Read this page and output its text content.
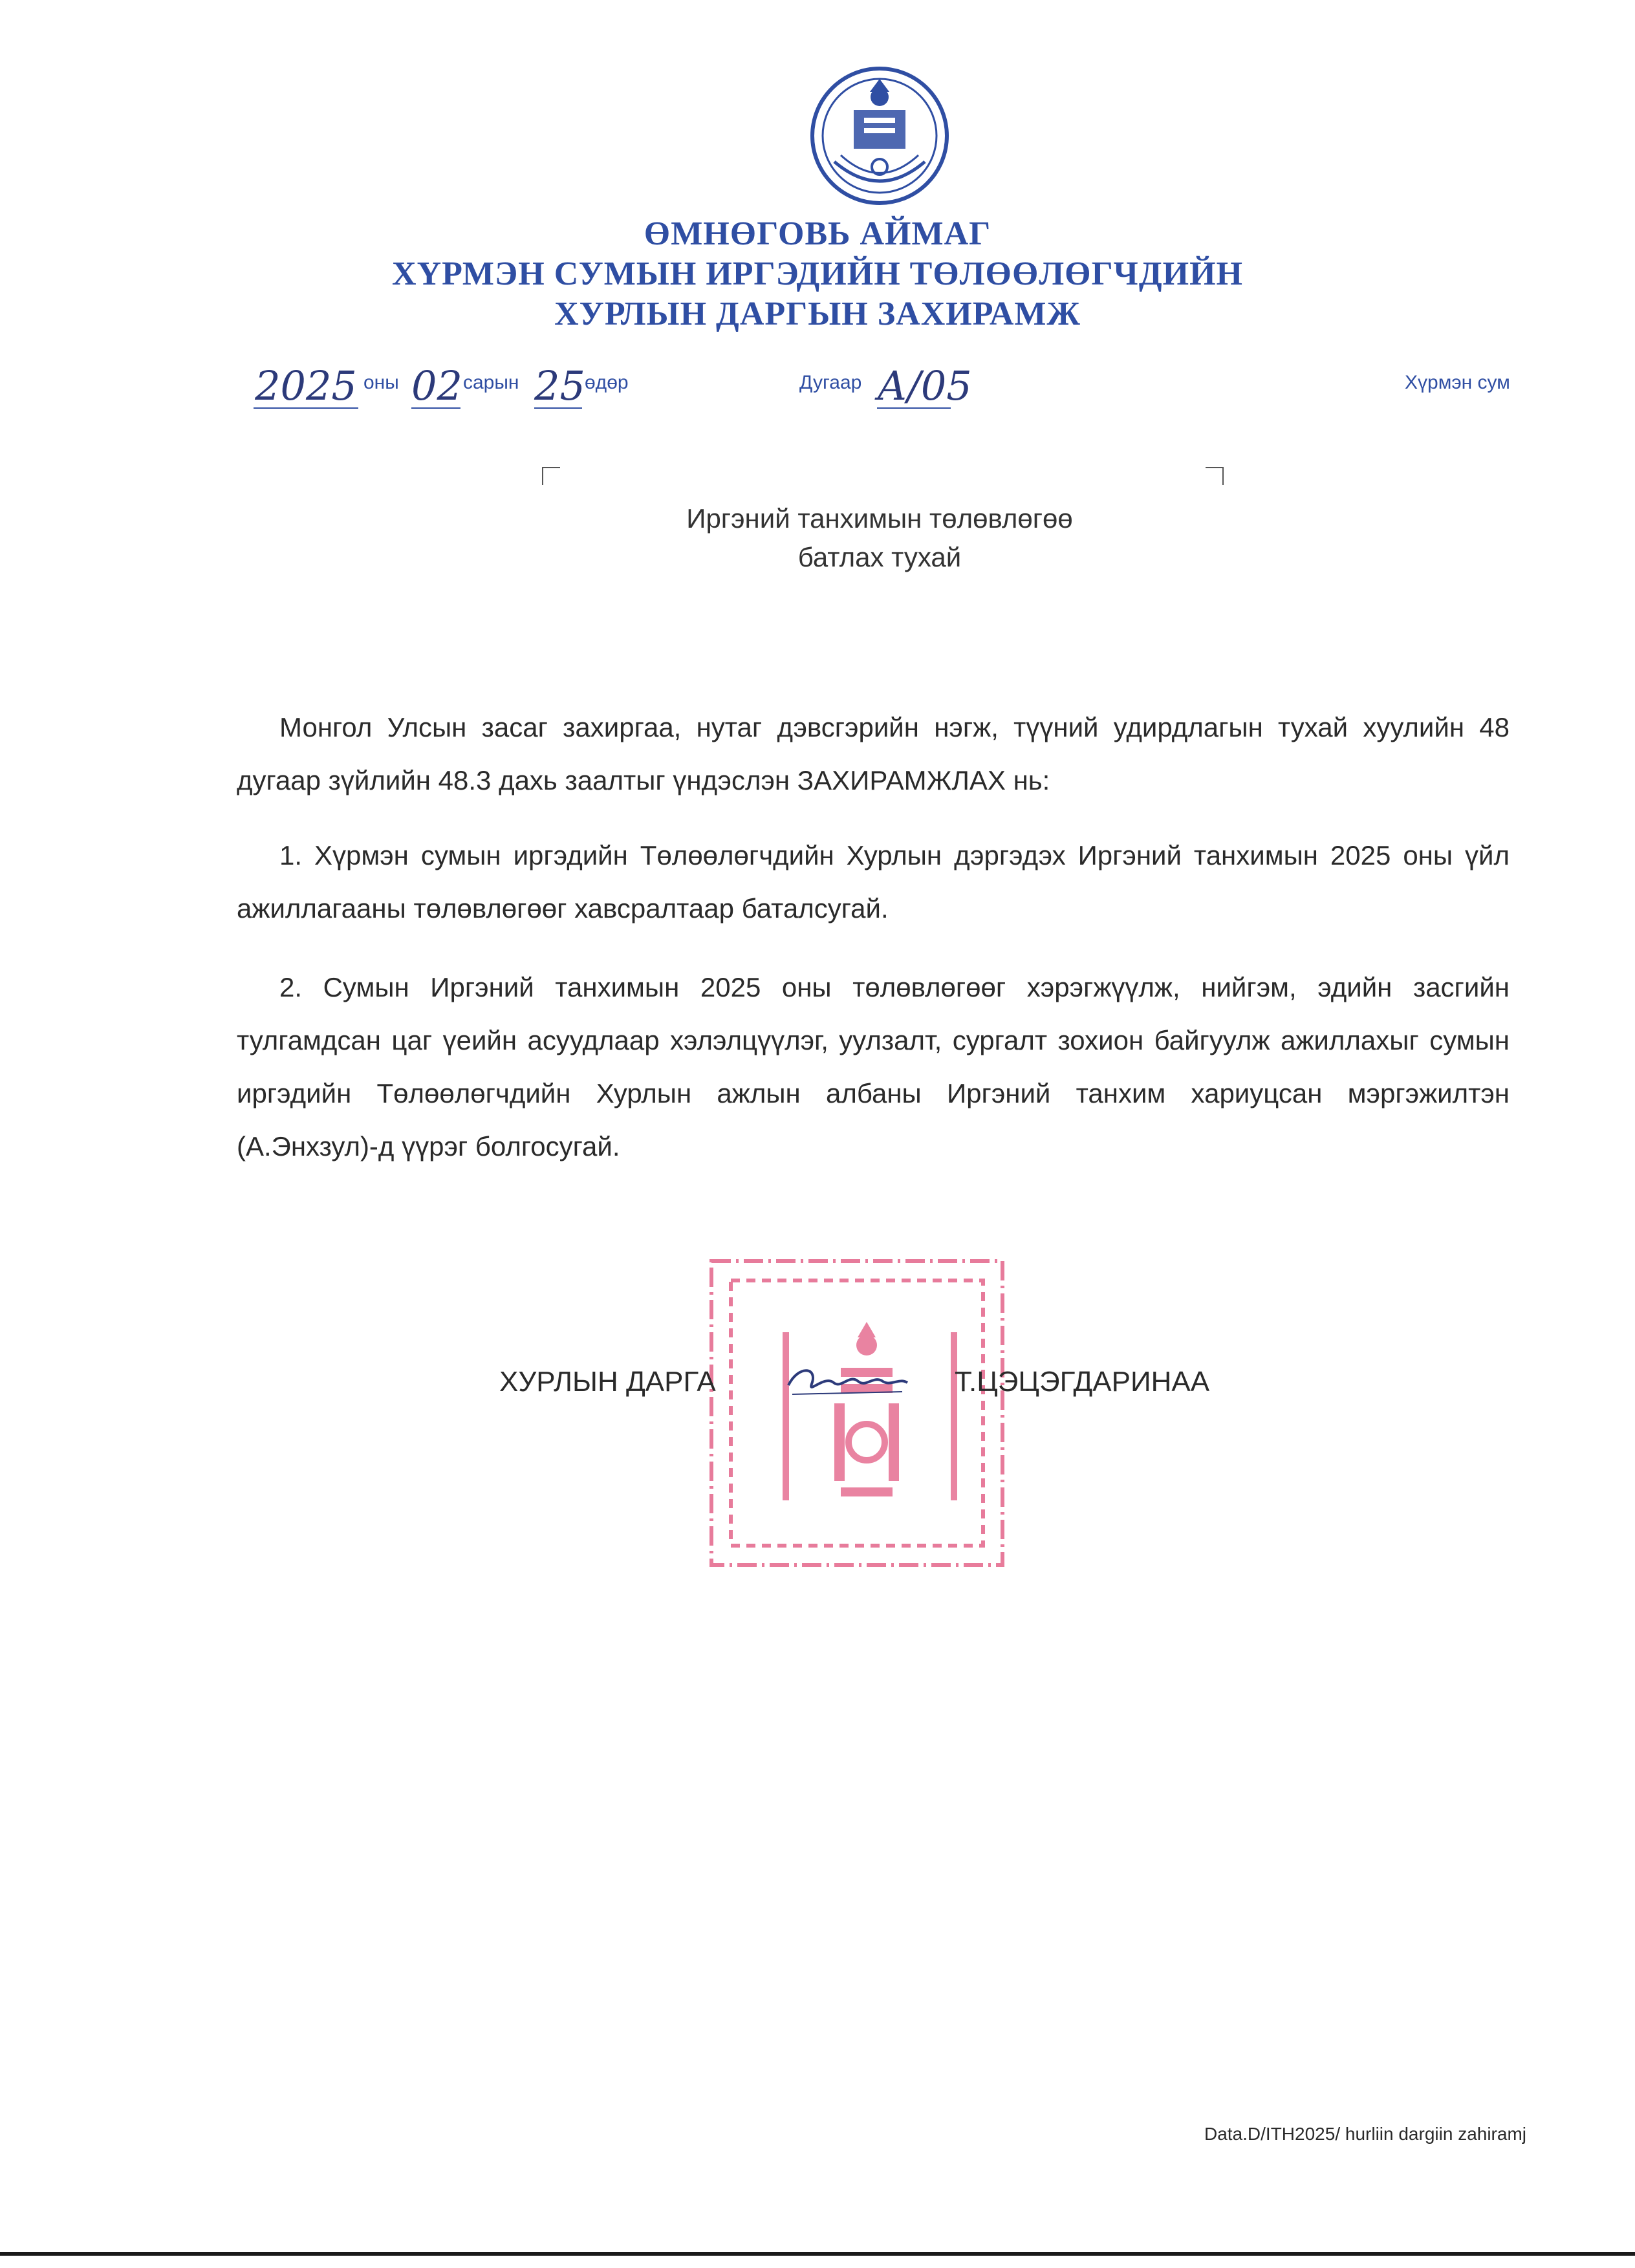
ӨМНӨГОВЬ АЙМАГ
ХҮРМЭН СУМЫН ИРГЭДИЙН ТӨЛӨӨЛӨГЧДИЙН
ХУРЛЫН ДАРГЫН ЗАХИРАМЖ
2025 оны 02 сарын 25 өдөр	Дугаар А/05	Хүрмэн сум
Иргэний танхимын төлөвлөгөө
батлах тухай

Монгол Улсын засаг захиргаа, нутаг дэвсгэрийн нэгж, түүний удирдлагын тухай хуулийн 48 дугаар зүйлийн 48.3 дахь заалтыг үндэслэн ЗАХИРАМЖЛАХ нь:

1. Хүрмэн сумын иргэдийн Төлөөлөгчдийн Хурлын дэргэдэх Иргэний танхимын 2025 оны үйл ажиллагааны төлөвлөгөөг хавсралтаар баталсугай.

2. Сумын Иргэний танхимын 2025 оны төлөвлөгөөг хэрэгжүүлж, нийгэм, эдийн засгийн тулгамдсан цаг үеийн асуудлаар хэлэлцүүлэг, уулзалт, сургалт зохион байгуулж ажиллахыг сумын иргэдийн Төлөөлөгчдийн Хурлын ажлын албаны Иргэний танхим хариуцсан мэргэжилтэн (А.Энхзул)-д үүрэг болгосугай.

ХУРЛЫН ДАРГА	Т.ЦЭЦЭГДАРИНАА
Data.D/ITH2025/ hurliin dargiin zahiramj
